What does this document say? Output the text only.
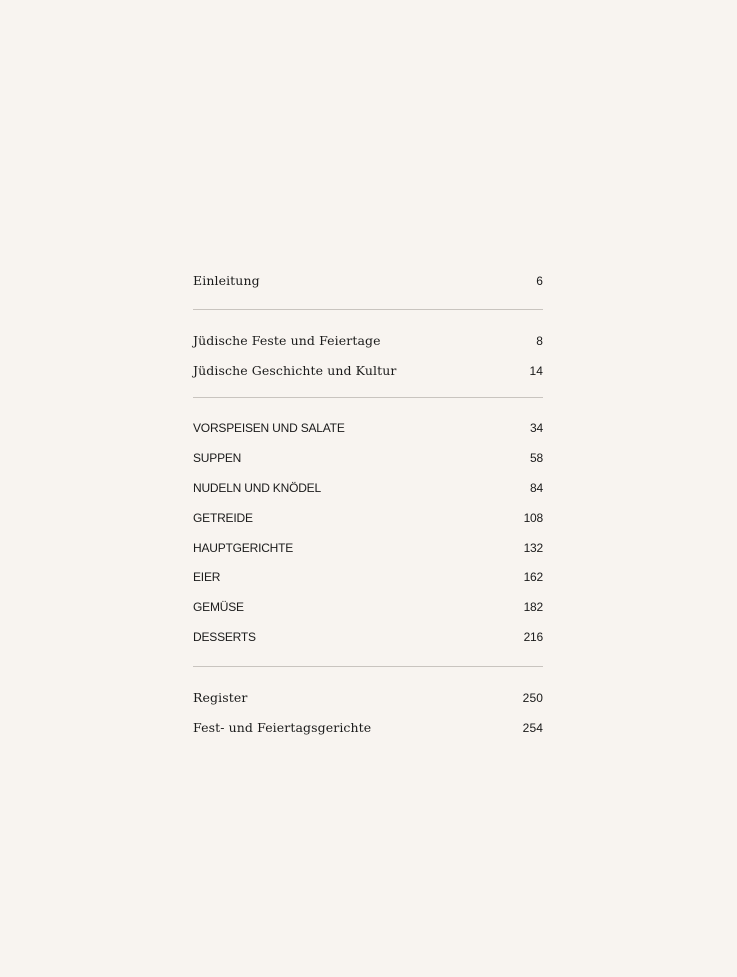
Einleitung	6
Jüdische Feste und Feiertage	8
Jüdische Geschichte und Kultur	14
VORSPEISEN UND SALATE	34
SUPPEN	58
NUDELN UND KNÖDEL	84
GETREIDE	108
HAUPTGERICHTE	132
EIER	162
GEMÜSE	182
DESSERTS	216
Register	250
Fest- und Feiertagsgerichte	254
